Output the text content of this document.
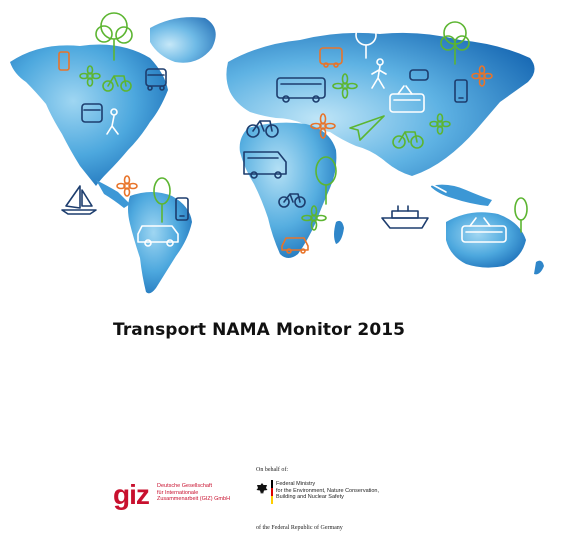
Transport NAMA Monitor 2015
giz Deutsche Gesellschaft
für Internationale
Zusammenarbeit (GIZ) GmbH
On behalf of:
Federal Ministry
for the Environment, Nature Conservation,
Building and Nuclear Safety
of the Federal Republic of Germany
